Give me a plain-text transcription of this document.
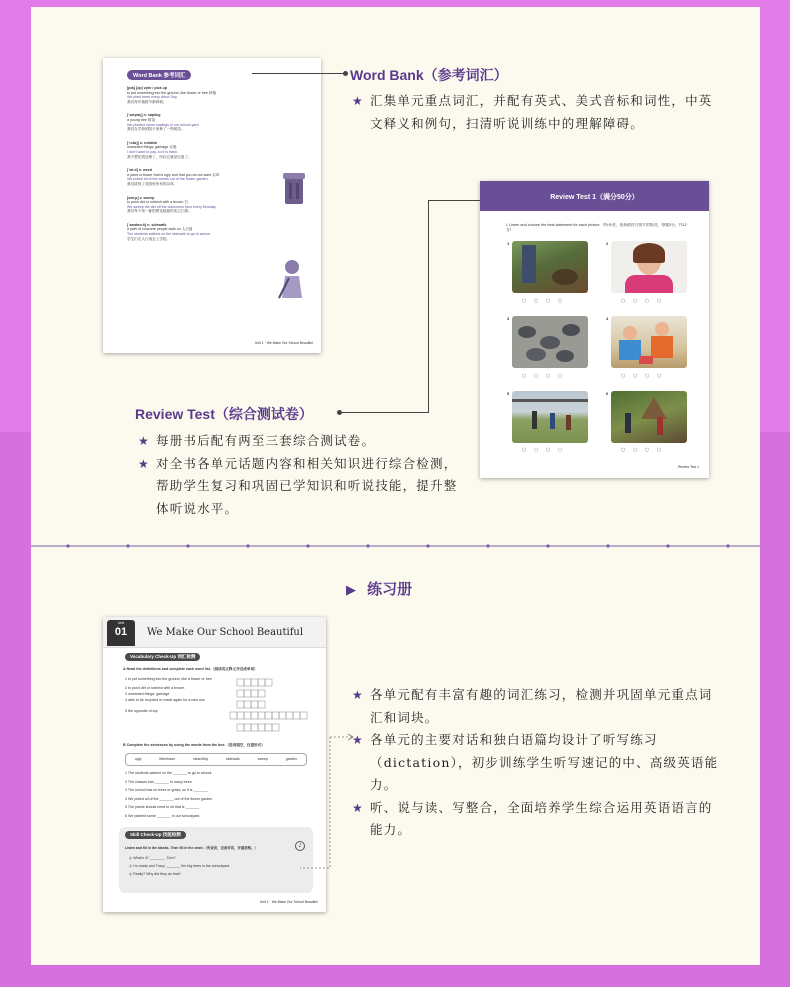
Word Bank 参考词汇
[pɪk] [ʌp] vphr / pick up
to put something into the ground, like flower or tree 种植
We plant trees every Arbor Day.
我们每年植树节都种树。
[ˈsæplɪŋ] n. sapling
a young tree 树苗
We planted some saplings in our school yard.
我们在学校的院子里种了一些树苗。
[ˈrʌbɪʃ] n. rubbish
unwanted things; garbage 垃圾
I don't want to pay, so it is trash.
我不想花钱处理了，所以它就是垃圾了。
[ˈwiːd] n. weed
a plant or flower that is ugly and that you do not want 杂草
We pulled all of the weeds out of the flower garden.
我们拔掉了花园里所有的杂草。
[swiːp] v. sweep
to push dirt or rubbish with a broom 扫
We sweep the dirt off the classroom floor every Monday.
我们每个周一都把教室地板的灰尘扫掉。
[ˈsaɪdwɔːk] n. sidewalk
a path of concrete people walk on 人行道
The students walked on the sidewalk to go to school.
学生们走人行道去上学校。
Unit 1 · We Make Our School Beautiful
Word Bank（参考词汇）
★ 汇集单元重点词汇，并配有英式、美式音标和词性，中英文释义和例句，扫清听说训练中的理解障碍。
Review Test 1（满分50分）
I. Listen and choose the best statement for each picture.（听录音，选择最符合图片的陈述，每题2分，共12分）
1
○ ○ ○ ○
2
○ ○ ○ ○
3
○ ○ ○ ○
4
○ ○ ○ ○
5
○ ○ ○ ○
6
○ ○ ○ ○
Review Test 1
Review Test（综合测试卷）
★ 每册书后配有两至三套综合测试卷。
★ 对全书各单元话题内容和相关知识进行综合检测，帮助学生复习和巩固已学知识和听说技能，提升整体听说水平。
▶ 练习册
Unit
01	We Make Our School Beautiful
Vocabulary Check-Up 词汇检测
A Read the definitions and complete each word list.（阅读英文释义并完成单词）
1 to put something into the ground, like a flower or tree
2 to push dirt or rubbish with a broom
3 unwanted things; garbage
4 able to be recycled or made again for a new use
5 the opposite of top
B Complete the sentences by using the words from the box.（选词填空，注意形式）
ugly	litter/trash	clean/tidy	sidewalk	sweep	garden
1 The students walked on the _______ to go to school.
2 The classes has _______ to many trees.
3 The school has no trees or grass, so it is _______.
4 We pulled all of the _______ out of the flower garden.
5 The plants should need to sit that is _______.
6 We planted some _______ in our schoolyard.
Skill Check-Up 技能检测
Listen and fill in the blanks. Then fill in the chart.（听录音，完成对话，并填表格。）	♪
◎ What's it? _______ , Tom?
◎ I'm ready and Tracy. _______ the big trees in the schoolyard.
◎ Really? Why did they do that?
Unit 1 · We Make Our School Beautiful
★ 各单元配有丰富有趣的词汇练习，检测并巩固单元重点词汇和词块。
★ 各单元的主要对话和独白语篇均设计了听写练习（dictation），初步训练学生听写速记的中、高级英语能力。
★ 听、说与读、写整合，全面培养学生综合运用英语语言的能力。
